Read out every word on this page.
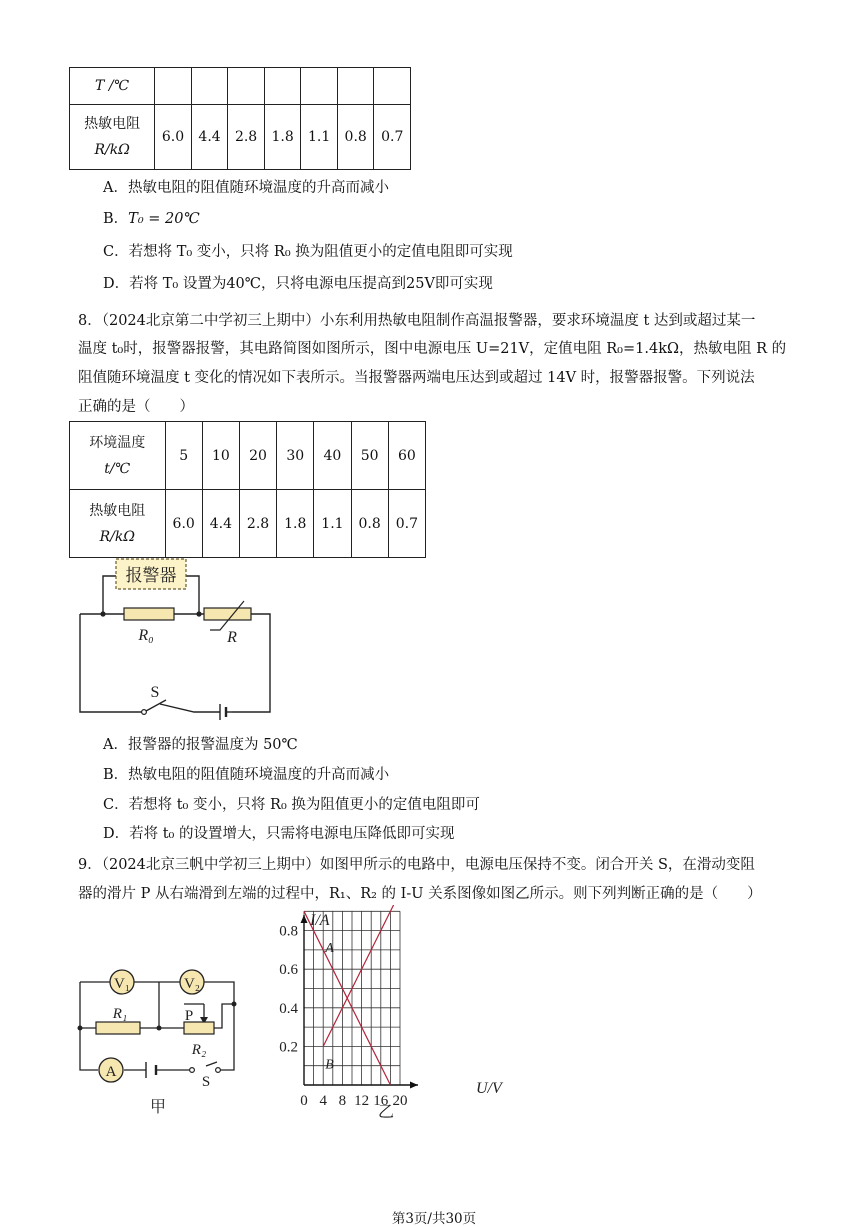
T /℃							

热敏电阻
R/kΩ	6.0	4.4	2.8	1.8	1.1	0.8	0.7
A．热敏电阻的阻值随环境温度的升高而减小
B．T₀ = 20℃
C．若想将 T₀ 变小，只将 R₀ 换为阻值更小的定值电阻即可实现
D．若将 T₀ 设置为40℃，只将电源电压提高到25V即可实现
8．（2024北京第二中学初三上期中）小东利用热敏电阻制作高温报警器，要求环境温度 t 达到或超过某一
温度 t₀时，报警器报警，其电路简图如图所示，图中电源电压 U=21V，定值电阻 R₀=1.4kΩ，热敏电阻 R 的
阻值随环境温度 t 变化的情况如下表所示。当报警器两端电压达到或超过 14V 时，报警器报警。下列说法
正确的是（　　）
环境温度
t/℃	5	10	20	30	40	50	60

热敏电阻
R/kΩ	6.0	4.4	2.8	1.8	1.1	0.8	0.7
报警器
R₀	R
S
A．报警器的报警温度为 50℃
B．热敏电阻的阻值随环境温度的升高而减小
C．若想将 t₀ 变小，只将 R₀ 换为阻值更小的定值电阻即可
D．若将 t₀ 的设置增大，只需将电源电压降低即可实现
9．（2024北京三帆中学初三上期中）如图甲所示的电路中，电源电压保持不变。闭合开关 S，在滑动变阻
器的滑片 P 从右端滑到左端的过程中，R₁、R₂ 的 I-U 关系图像如图乙所示。则下列判断正确的是（　　）
V₁	V₂
A
R₁	P
R₂
S
甲
A
B
0 4 8 12 16 20
0.2
0.4
0.6
0.8
I/A
U/V
乙
第3页/共30页
